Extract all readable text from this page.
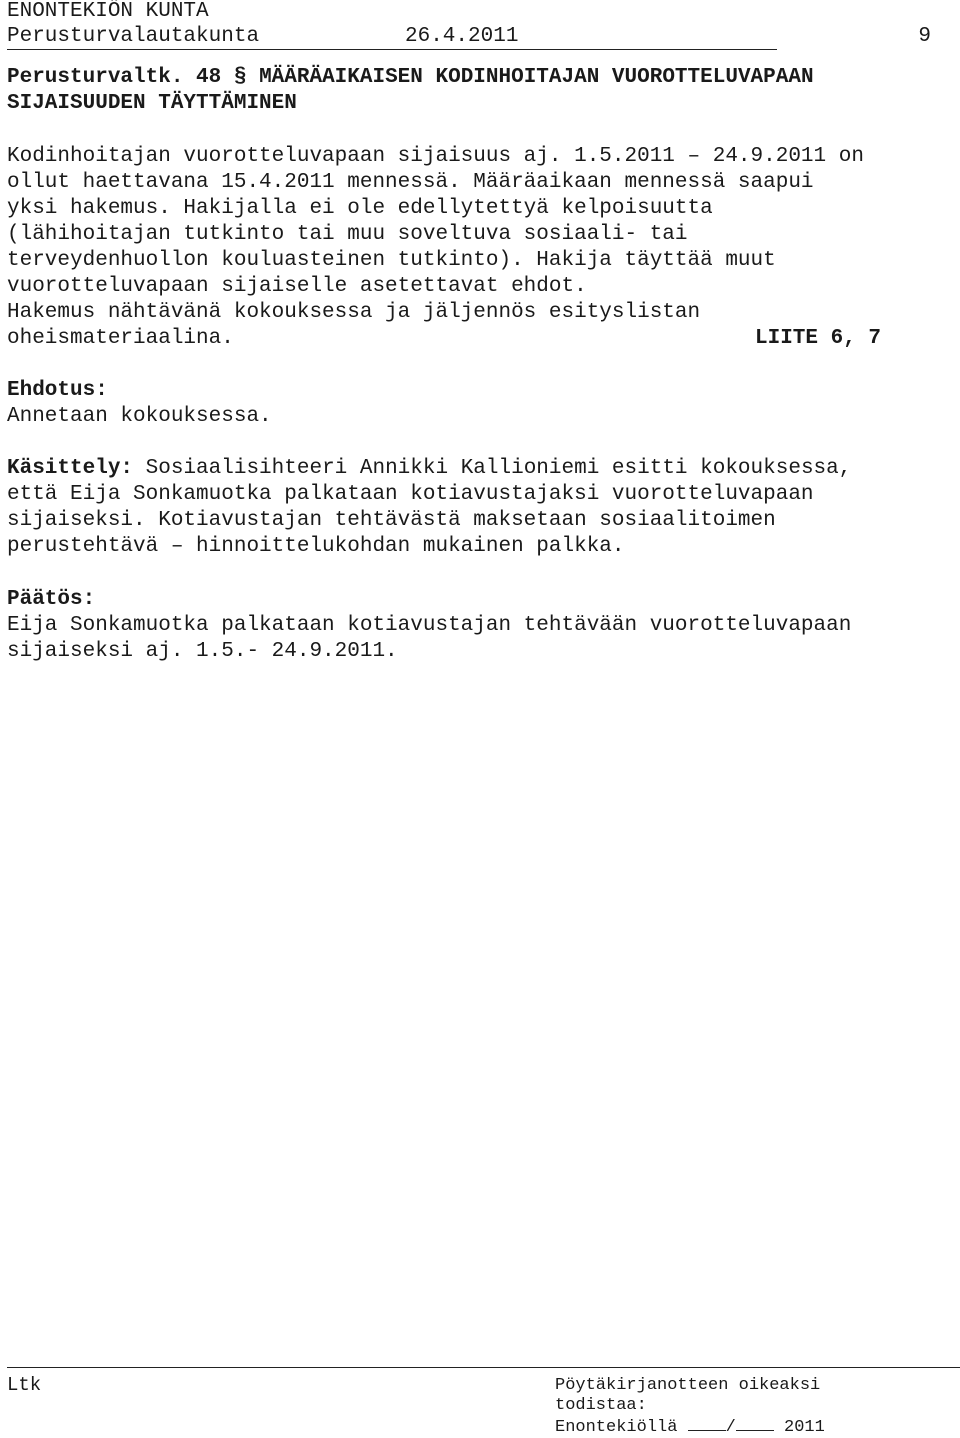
ENONTEKIÖN KUNTA
Perusturvalautakunta	26.4.2011	9
Perusturvaltk. 48 § MÄÄRÄAIKAISEN KODINHOITAJAN VUOROTTELUVAPAAN
SIJAISUUDEN TÄYTTÄMINEN
Kodinhoitajan vuorotteluvapaan sijaisuus aj. 1.5.2011 – 24.9.2011 on
ollut haettavana 15.4.2011 mennessä. Määräaikaan mennessä saapui
yksi hakemus. Hakijalla ei ole edellytettyä kelpoisuutta
(lähihoitajan tutkinto tai muu soveltuva sosiaali- tai
terveydenhuollon kouluasteinen tutkinto). Hakija täyttää muut
vuorotteluvapaan sijaiselle asetettavat ehdot.
Hakemus nähtävänä kokouksessa ja jäljennös esityslistan
oheismateriaalina.	LIITE 6, 7
Ehdotus:
Annetaan kokouksessa.
Käsittely: Sosiaalisihteeri Annikki Kallioniemi esitti kokouksessa,
että Eija Sonkamuotka palkataan kotiavustajaksi vuorotteluvapaan
sijaiseksi. Kotiavustajan tehtävästä maksetaan sosiaalitoimen
perustehtävä – hinnoittelukohdan mukainen palkka.
Päätös:
Eija Sonkamuotka palkataan kotiavustajan tehtävään vuorotteluvapaan
sijaiseksi aj. 1.5.- 24.9.2011.
Ltk	Pöytäkirjanotteen oikeaksi
todistaa:
Enontekiöllä	/	2011
